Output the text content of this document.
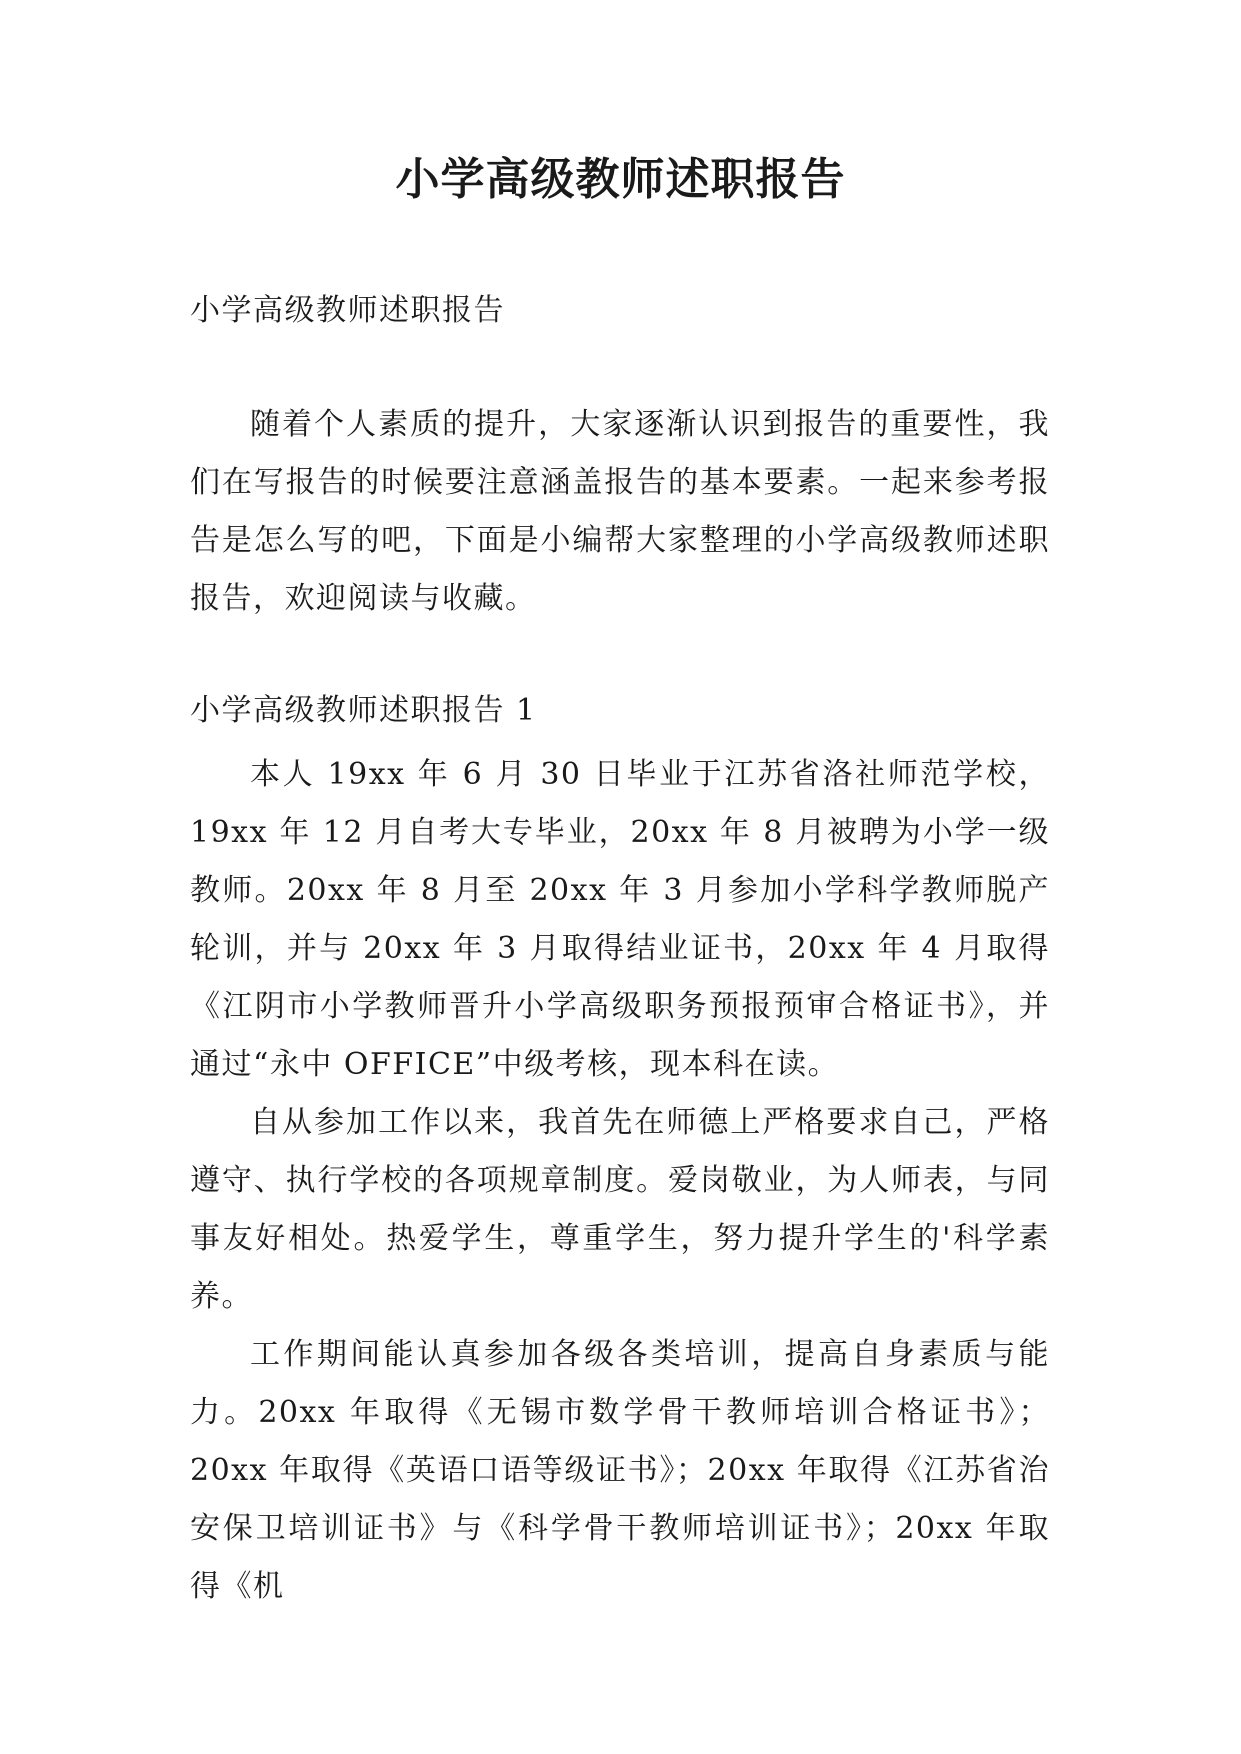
小学高级教师述职报告

小学高级教师述职报告

随着个人素质的提升，大家逐渐认识到报告的重要性，我们在写报告的时候要注意涵盖报告的基本要素。一起来参考报告是怎么写的吧，下面是小编帮大家整理的小学高级教师述职报告，欢迎阅读与收藏。

小学高级教师述职报告 1

本人 19xx 年 6 月 30 日毕业于江苏省洛社师范学校，19xx 年 12 月自考大专毕业，20xx 年 8 月被聘为小学一级教师。20xx 年 8 月至 20xx 年 3 月参加小学科学教师脱产轮训，并与 20xx 年 3 月取得结业证书，20xx 年 4 月取得《江阴市小学教师晋升小学高级职务预报预审合格证书》，并通过“永中 OFFICE”中级考核，现本科在读。

自从参加工作以来，我首先在师德上严格要求自己，严格遵守、执行学校的各项规章制度。爱岗敬业，为人师表，与同事友好相处。热爱学生，尊重学生，努力提升学生的'科学素养。

工作期间能认真参加各级各类培训，提高自身素质与能力。20xx 年取得《无锡市数学骨干教师培训合格证书》；20xx 年取得《英语口语等级证书》；20xx 年取得《江苏省治安保卫培训证书》与《科学骨干教师培训证书》；20xx 年取得《机
